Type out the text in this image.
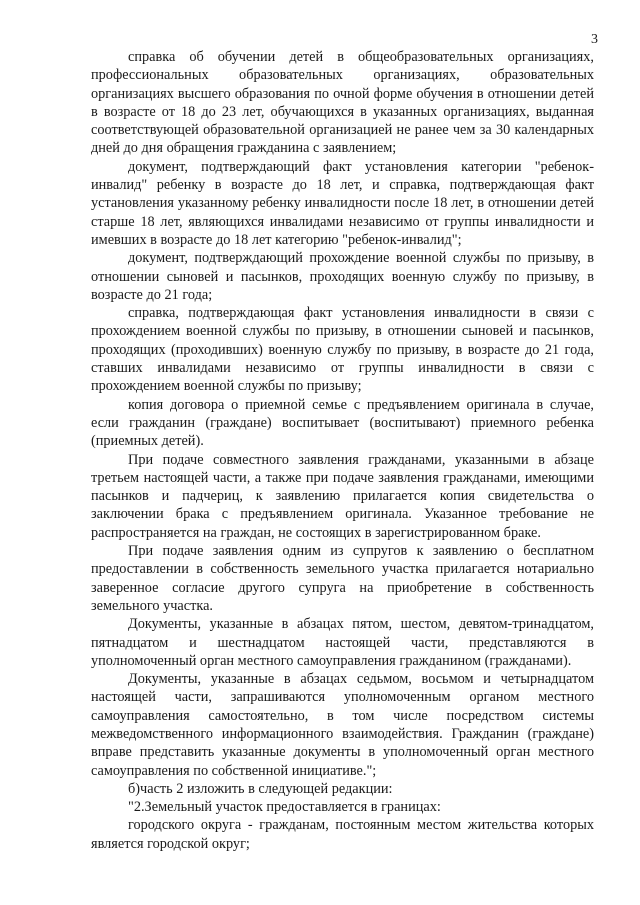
3

справка об обучении детей в общеобразовательных организациях, профессиональных образовательных организациях, образовательных организациях высшего образования по очной форме обучения в отношении детей в возрасте от 18 до 23 лет, обучающихся в указанных организациях, выданная соответствующей образовательной организацией не ранее чем за 30 календарных дней до дня обращения гражданина с заявлением;

документ, подтверждающий факт установления категории "ребенок-инвалид" ребенку в возрасте до 18 лет, и справка, подтверждающая факт установления указанному ребенку инвалидности после 18 лет, в отношении детей старше 18 лет, являющихся инвалидами независимо от группы инвалидности и имевших в возрасте до 18 лет категорию "ребенок-инвалид";

документ, подтверждающий прохождение военной службы по призыву, в отношении сыновей и пасынков, проходящих военную службу по призыву, в возрасте до 21 года;

справка, подтверждающая факт установления инвалидности в связи с прохождением военной службы по призыву, в отношении сыновей и пасынков, проходящих (проходивших) военную службу по призыву, в возрасте до 21 года, ставших инвалидами независимо от группы инвалидности в связи с прохождением военной службы по призыву;

копия договора о приемной семье с предъявлением оригинала в случае, если гражданин (граждане) воспитывает (воспитывают) приемного ребенка (приемных детей).

При подаче совместного заявления гражданами, указанными в абзаце третьем настоящей части, а также при подаче заявления гражданами, имеющими пасынков и падчериц, к заявлению прилагается копия свидетельства о заключении брака с предъявлением оригинала. Указанное требование не распространяется на граждан, не состоящих в зарегистрированном браке.

При подаче заявления одним из супругов к заявлению о бесплатном предоставлении в собственность земельного участка прилагается нотариально заверенное согласие другого супруга на приобретение в собственность земельного участка.

Документы, указанные в абзацах пятом, шестом, девятом-тринадцатом, пятнадцатом и шестнадцатом настоящей части, представляются в уполномоченный орган местного самоуправления гражданином (гражданами).

Документы, указанные в абзацах седьмом, восьмом и четырнадцатом настоящей части, запрашиваются уполномоченным органом местного самоуправления самостоятельно, в том числе посредством системы межведомственного информационного взаимодействия. Гражданин (граждане) вправе представить указанные документы в уполномоченный орган местного самоуправления по собственной инициативе.";

б)часть 2 изложить в следующей редакции:

"2.Земельный участок предоставляется в границах:

городского округа - гражданам, постоянным местом жительства которых является городской округ;
